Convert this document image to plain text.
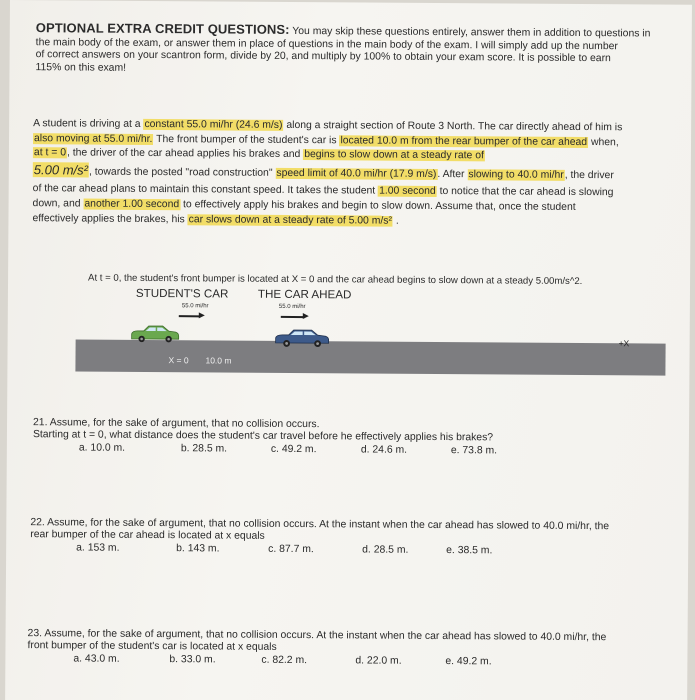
OPTIONAL EXTRA CREDIT QUESTIONS: You may skip these questions entirely, answer them in addition to questions in
the main body of the exam, or answer them in place of questions in the main body of the exam. I will simply add up the number
of correct answers on your scantron form, divide by 20, and multiply by 100% to obtain your exam score. It is possible to earn
115% on this exam!
A student is driving at a constant 55.0 mi/hr (24.6 m/s) along a straight section of Route 3 North. The car directly ahead of him is
also moving at 55.0 mi/hr. The front bumper of the student's car is located 10.0 m from the rear bumper of the car ahead when,
at t = 0, the driver of the car ahead applies his brakes and begins to slow down at a steady rate of
5.00 m/s², towards the posted "road construction" speed limit of 40.0 mi/hr (17.9 m/s). After slowing to 40.0 mi/hr, the driver
of the car ahead plans to maintain this constant speed. It takes the student 1.00 second to notice that the car ahead is slowing
down, and another 1.00 second to effectively apply his brakes and begin to slow down. Assume that, once the student
effectively applies the brakes, his car slows down at a steady rate of 5.00 m/s² .
At t = 0, the student's front bumper is located at X = 0 and the car ahead begins to slow down at a steady 5.00m/s^2.
STUDENT'S CAR	THE CAR AHEAD
55.0 mi/hr	55.0 mi/hr
+X
X = 0 10.0 m
21. Assume, for the sake of argument, that no collision occurs.
Starting at t = 0, what distance does the student's car travel before he effectively applies his brakes?
a. 10.0 m.	b. 28.5 m.	c. 49.2 m.	d. 24.6 m.	e. 73.8 m.
22. Assume, for the sake of argument, that no collision occurs. At the instant when the car ahead has slowed to 40.0 mi/hr, the
rear bumper of the car ahead is located at x equals
a. 153 m.	b. 143 m.	c. 87.7 m.	d. 28.5 m.	e. 38.5 m.
23. Assume, for the sake of argument, that no collision occurs. At the instant when the car ahead has slowed to 40.0 mi/hr, the
front bumper of the student's car is located at x equals
a. 43.0 m.	b. 33.0 m.	c. 82.2 m.	d. 22.0 m.	e. 49.2 m.
